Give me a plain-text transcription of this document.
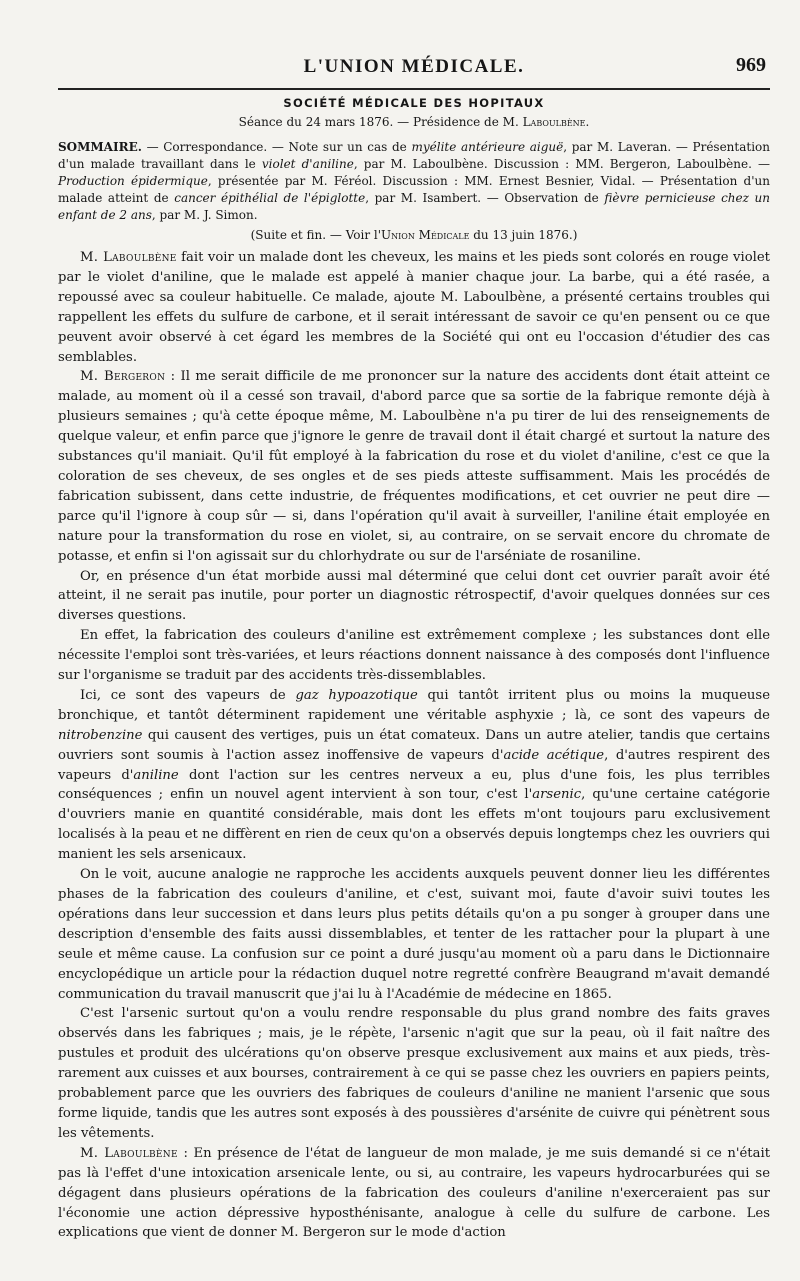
L'UNION MÉDICALE.	969
SOCIÉTÉ MÉDICALE DES HOPITAUX
Séance du 24 mars 1876. — Présidence de M. Laboulbène.
SOMMAIRE. — Correspondance. — Note sur un cas de myélite antérieure aiguë, par M. Laveran. — Présentation d'un malade travaillant dans le violet d'aniline, par M. Laboulbène. Discussion : MM. Bergeron, Laboulbène. — Production épidermique, présentée par M. Féréol. Discussion : MM. Ernest Besnier, Vidal. — Présentation d'un malade atteint de cancer épithélial de l'épiglotte, par M. Isambert. — Observation de fièvre pernicieuse chez un enfant de 2 ans, par M. J. Simon.
(Suite et fin. — Voir l'Union Médicale du 13 juin 1876.)

M. Laboulbène fait voir un malade dont les cheveux, les mains et les pieds sont colorés en rouge violet par le violet d'aniline, que le malade est appelé à manier chaque jour. La barbe, qui a été rasée, a repoussé avec sa couleur habituelle. Ce malade, ajoute M. Laboulbène, a présenté certains troubles qui rappellent les effets du sulfure de carbone, et il serait intéressant de savoir ce qu'en pensent ou ce que peuvent avoir observé à cet égard les membres de la Société qui ont eu l'occasion d'étudier des cas semblables.

M. Bergeron : Il me serait difficile de me prononcer sur la nature des accidents dont était atteint ce malade, au moment où il a cessé son travail, d'abord parce que sa sortie de la fabrique remonte déjà à plusieurs semaines ; qu'à cette époque même, M. Laboulbène n'a pu tirer de lui des renseignements de quelque valeur, et enfin parce que j'ignore le genre de travail dont il était chargé et surtout la nature des substances qu'il maniait. Qu'il fût employé à la fabrication du rose et du violet d'aniline, c'est ce que la coloration de ses cheveux, de ses ongles et de ses pieds atteste suffisamment. Mais les procédés de fabrication subissent, dans cette industrie, de fréquentes modifications, et cet ouvrier ne peut dire — parce qu'il l'ignore à coup sûr — si, dans l'opération qu'il avait à surveiller, l'aniline était employée en nature pour la transformation du rose en violet, si, au contraire, on se servait encore du chromate de potasse, et enfin si l'on agissait sur du chlorhydrate ou sur de l'arséniate de rosaniline.

Or, en présence d'un état morbide aussi mal déterminé que celui dont cet ouvrier paraît avoir été atteint, il ne serait pas inutile, pour porter un diagnostic rétrospectif, d'avoir quelques données sur ces diverses questions.

En effet, la fabrication des couleurs d'aniline est extrêmement complexe ; les substances dont elle nécessite l'emploi sont très-variées, et leurs réactions donnent naissance à des composés dont l'influence sur l'organisme se traduit par des accidents très-dissemblables.

Ici, ce sont des vapeurs de gaz hypoazotique qui tantôt irritent plus ou moins la muqueuse bronchique, et tantôt déterminent rapidement une véritable asphyxie ; là, ce sont des vapeurs de nitrobenzine qui causent des vertiges, puis un état comateux. Dans un autre atelier, tandis que certains ouvriers sont soumis à l'action assez inoffensive de vapeurs d'acide acétique, d'autres respirent des vapeurs d'aniline dont l'action sur les centres nerveux a eu, plus d'une fois, les plus terribles conséquences ; enfin un nouvel agent intervient à son tour, c'est l'arsenic, qu'une certaine catégorie d'ouvriers manie en quantité considérable, mais dont les effets m'ont toujours paru exclusivement localisés à la peau et ne diffèrent en rien de ceux qu'on a observés depuis longtemps chez les ouvriers qui manient les sels arsenicaux.

On le voit, aucune analogie ne rapproche les accidents auxquels peuvent donner lieu les différentes phases de la fabrication des couleurs d'aniline, et c'est, suivant moi, faute d'avoir suivi toutes les opérations dans leur succession et dans leurs plus petits détails qu'on a pu songer à grouper dans une description d'ensemble des faits aussi dissemblables, et tenter de les rattacher pour la plupart à une seule et même cause. La confusion sur ce point a duré jusqu'au moment où a paru dans le Dictionnaire encyclopédique un article pour la rédaction duquel notre regretté confrère Beaugrand m'avait demandé communication du travail manuscrit que j'ai lu à l'Académie de médecine en 1865.

C'est l'arsenic surtout qu'on a voulu rendre responsable du plus grand nombre des faits graves observés dans les fabriques ; mais, je le répète, l'arsenic n'agit que sur la peau, où il fait naître des pustules et produit des ulcérations qu'on observe presque exclusivement aux mains et aux pieds, très-rarement aux cuisses et aux bourses, contrairement à ce qui se passe chez les ouvriers en papiers peints, probablement parce que les ouvriers des fabriques de couleurs d'aniline ne manient l'arsenic que sous forme liquide, tandis que les autres sont exposés à des poussières d'arsénite de cuivre qui pénètrent sous les vêtements.

M. Laboulbène : En présence de l'état de langueur de mon malade, je me suis demandé si ce n'était pas là l'effet d'une intoxication arsenicale lente, ou si, au contraire, les vapeurs hydrocarburées qui se dégagent dans plusieurs opérations de la fabrication des couleurs d'aniline n'exerceraient pas sur l'économie une action dépressive hyposthénisante, analogue à celle du sulfure de carbone. Les explications que vient de donner M. Bergeron sur le mode d'action
